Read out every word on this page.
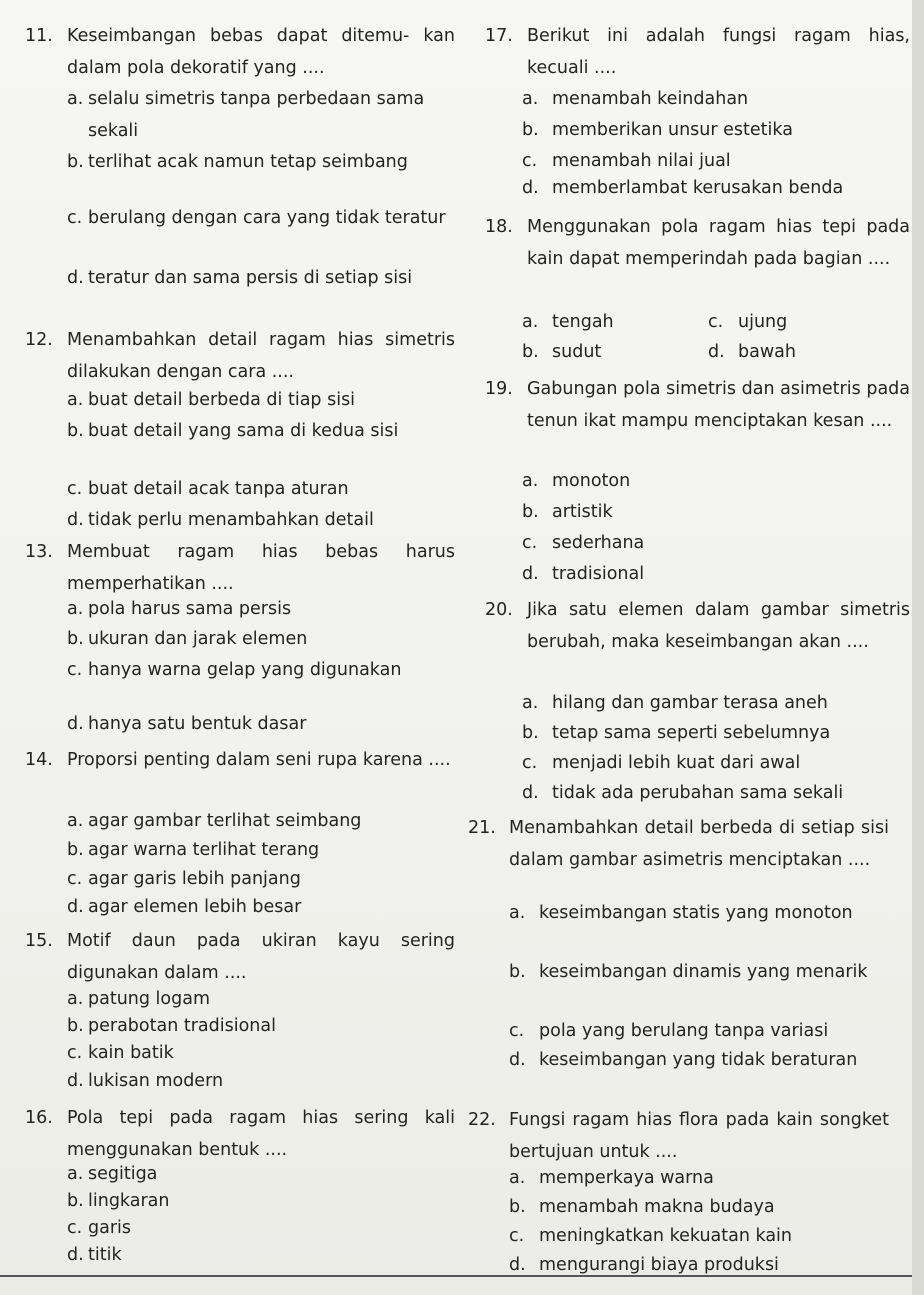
11. Keseimbangan bebas dapat ditemu- kan dalam pola dekoratif yang ....
a. selalu simetris tanpa perbedaan sama sekali
b. terlihat acak namun tetap seimbang
c. berulang dengan cara yang tidak teratur
d. teratur dan sama persis di setiap sisi
12. Menambahkan detail ragam hias simetris dilakukan dengan cara ....
a. buat detail berbeda di tiap sisi
b. buat detail yang sama di kedua sisi
c. buat detail acak tanpa aturan
d. tidak perlu menambahkan detail
13. Membuat ragam hias bebas harus memperhatikan ....
a. pola harus sama persis
b. ukuran dan jarak elemen
c. hanya warna gelap yang digunakan
d. hanya satu bentuk dasar
14. Proporsi penting dalam seni rupa karena ....
a. agar gambar terlihat seimbang
b. agar warna terlihat terang
c. agar garis lebih panjang
d. agar elemen lebih besar
15. Motif daun pada ukiran kayu sering digunakan dalam ....
a. patung logam
b. perabotan tradisional
c. kain batik
d. lukisan modern
16. Pola tepi pada ragam hias sering kali menggunakan bentuk ....
a. segitiga
b. lingkaran
c. garis
d. titik
17. Berikut ini adalah fungsi ragam hias, kecuali ....
a. menambah keindahan
b. memberikan unsur estetika
c. menambah nilai jual
d. memberlambat kerusakan benda
18. Menggunakan pola ragam hias tepi pada kain dapat memperindah pada bagian ....
a. tengah
b. sudut
c. ujung
d. bawah
19. Gabungan pola simetris dan asimetris pada tenun ikat mampu menciptakan kesan ....
a. monoton
b. artistik
c. sederhana
d. tradisional
20. Jika satu elemen dalam gambar simetris berubah, maka keseimbangan akan ....
a. hilang dan gambar terasa aneh
b. tetap sama seperti sebelumnya
c. menjadi lebih kuat dari awal
d. tidak ada perubahan sama sekali
21. Menambahkan detail berbeda di setiap sisi dalam gambar asimetris menciptakan ....
a. keseimbangan statis yang monoton
b. keseimbangan dinamis yang menarik
c. pola yang berulang tanpa variasi
d. keseimbangan yang tidak beraturan
22. Fungsi ragam hias flora pada kain songket bertujuan untuk ....
a. memperkaya warna
b. menambah makna budaya
c. meningkatkan kekuatan kain
d. mengurangi biaya produksi
